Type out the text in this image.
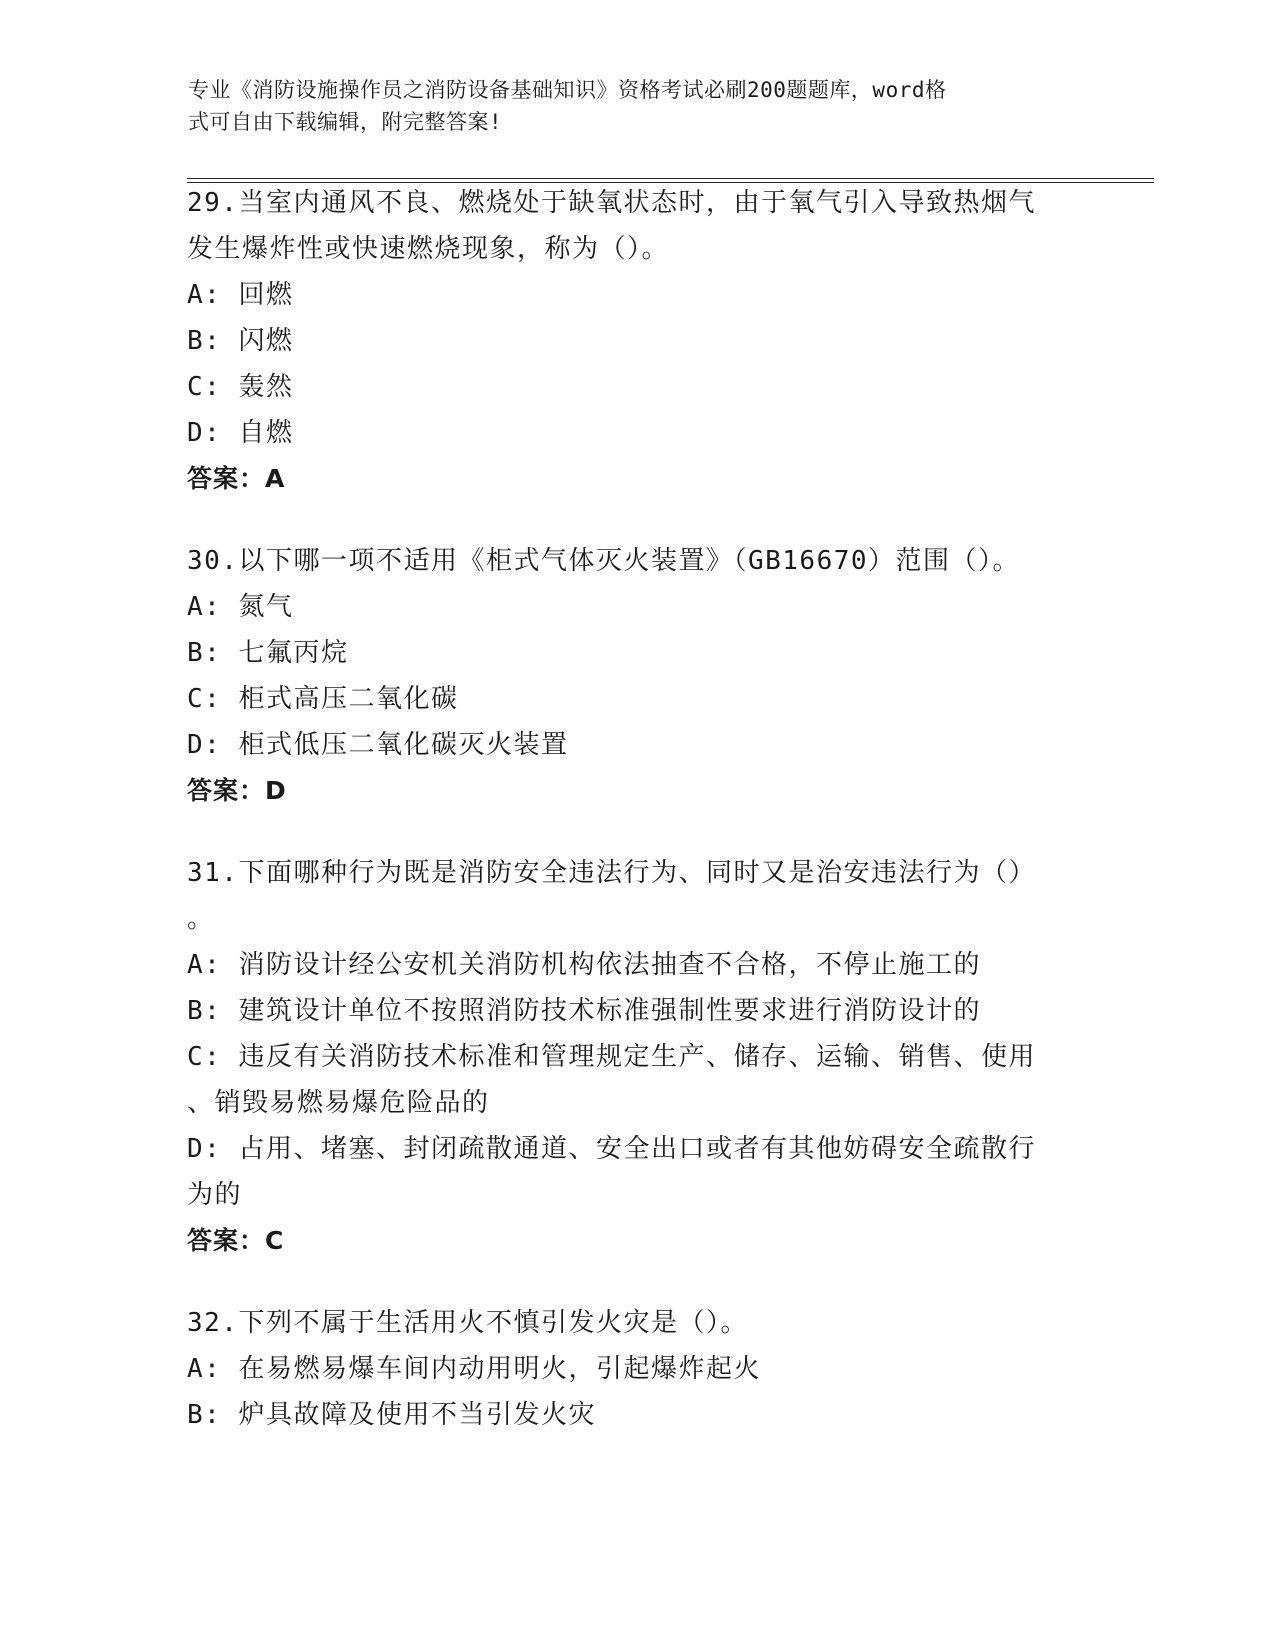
专业《消防设施操作员之消防设备基础知识》资格考试必刷200题题库，word格
式可自由下载编辑，附完整答案!
29.当室内通风不良、燃烧处于缺氧状态时，由于氧气引入导致热烟气
发生爆炸性或快速燃烧现象，称为（）。
A: 回燃
B: 闪燃
C: 轰然
D: 自燃
答案：A
30.以下哪一项不适用《柜式气体灭火装置》（GB16670）范围（）。
A: 氮气
B: 七氟丙烷
C: 柜式高压二氧化碳
D: 柜式低压二氧化碳灭火装置
答案：D
31.下面哪种行为既是消防安全违法行为、同时又是治安违法行为（）
。
A: 消防设计经公安机关消防机构依法抽查不合格，不停止施工的
B: 建筑设计单位不按照消防技术标准强制性要求进行消防设计的
C: 违反有关消防技术标准和管理规定生产、储存、运输、销售、使用
、销毁易燃易爆危险品的
D: 占用、堵塞、封闭疏散通道、安全出口或者有其他妨碍安全疏散行
为的
答案：C
32.下列不属于生活用火不慎引发火灾是（）。
A: 在易燃易爆车间内动用明火，引起爆炸起火
B: 炉具故障及使用不当引发火灾
